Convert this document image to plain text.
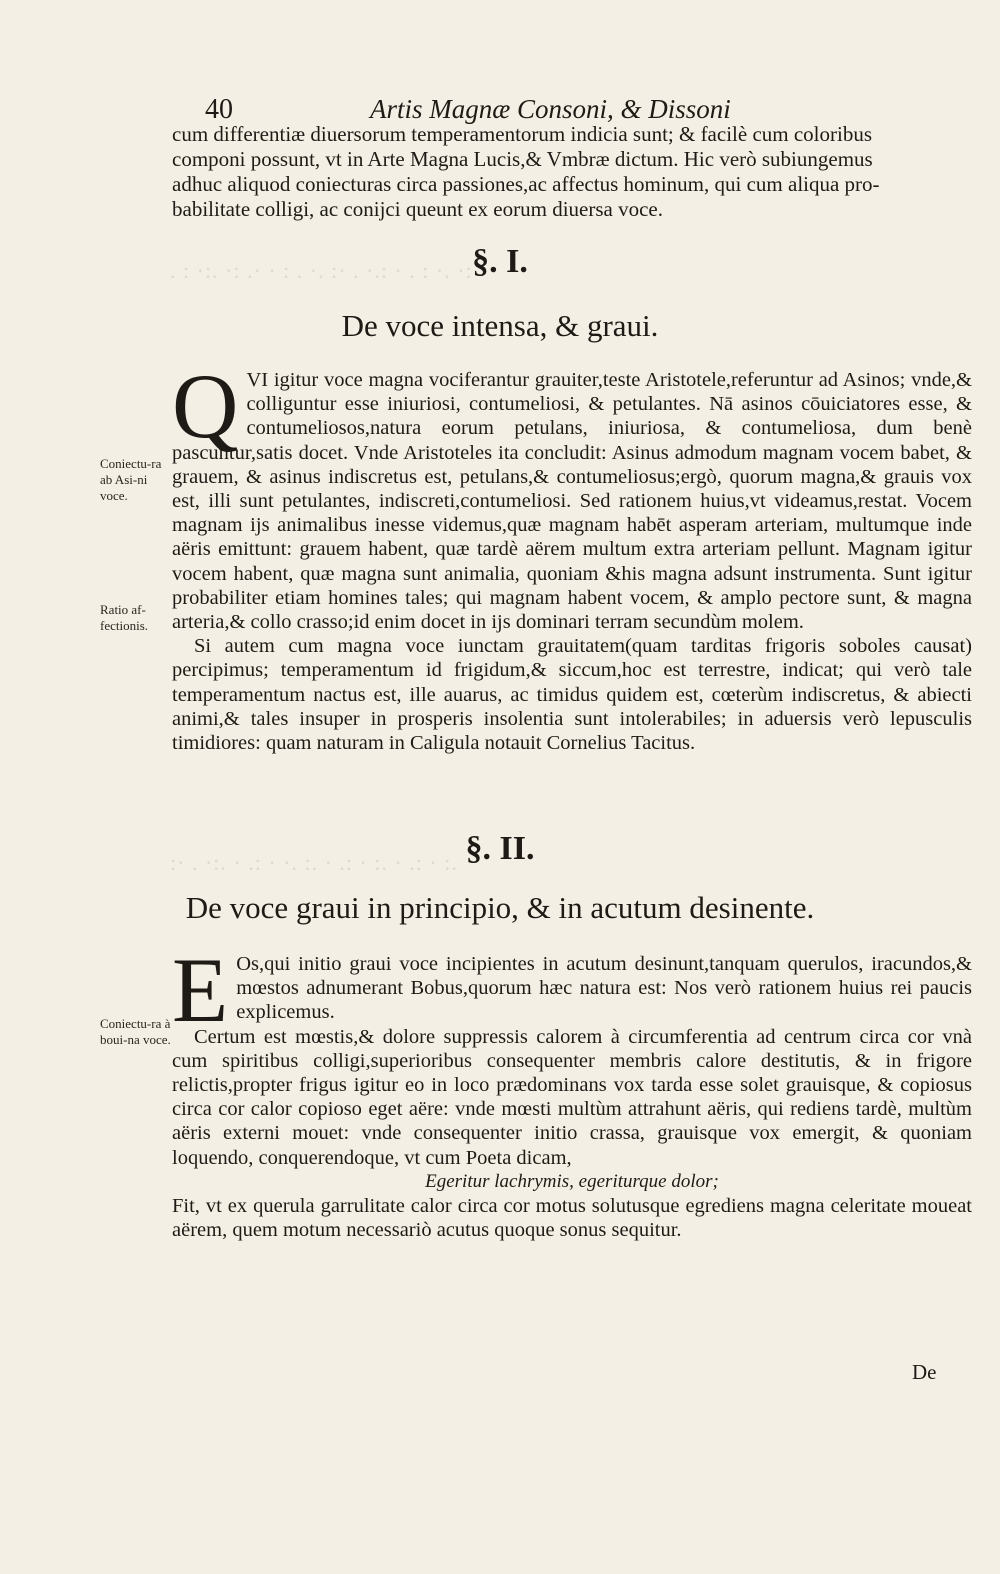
. : ·:. ·: .· · : . ·. :· . ·.: · . : ·. ·:
:· . ·:. · .: · ·. :. · .: · :. · .: · :.
40	Artis Magnæ Consoni, & Dissoni
cum differentiæ diuersorum temperamentorum indicia sunt; & facilè cum coloribus
componi possunt, vt in Arte Magna Lucis,& Vmbræ dictum. Hic verò subiungemus
adhuc aliquod coniecturas circa passiones,ac affectus hominum, qui cum aliqua pro-
babilitate colligi, ac conijci queunt ex eorum diuersa voce.
§. I.
De voce intensa, & graui.
Q VI igitur voce magna vociferantur grauiter,teste Aristotele,referuntur ad Asinos; vnde,& colliguntur esse iniuriosi, contumeliosi, & petulantes. Nā asinos cōuiciatores esse, & contumeliosos,natura eorum petulans, iniuriosa, & contumeliosa, dum benè pascuntur,satis docet. Vnde Aristoteles ita concludit: Asinus admodum magnam vocem babet, & grauem, & asinus indiscretus est, petulans,& contumeliosus;ergò, quorum magna,& grauis vox est, illi sunt petulantes, indiscreti,contumeliosi. Sed rationem huius,vt videamus,restat. Vocem magnam ijs animalibus inesse videmus,quæ magnam habēt asperam arteriam, multumque inde aëris emittunt: grauem habent, quæ tardè aërem multum extra arteriam pellunt. Magnam igitur vocem habent, quæ magna sunt animalia, quoniam &his magna adsunt instrumenta. Sunt igitur probabiliter etiam homines tales; qui magnam habent vocem, & amplo pectore sunt, & magna arteria,& collo crasso;id enim docet in ijs dominari terram secundùm molem.

Si autem cum magna voce iunctam grauitatem(quam tarditas frigoris soboles causat) percipimus; temperamentum id frigidum,& siccum,hoc est terrestre, indicat; qui verò tale temperamentum nactus est, ille auarus, ac timidus quidem est, cœterùm indiscretus, & abiecti animi,& tales insuper in prosperis insolentia sunt intolerabiles; in aduersis verò lepusculis timidiores: quam naturam in Caligula notauit Cornelius Tacitus.

Coniectu-ra ab Asi-ni voce.
Ratio af-fectionis.
§. II.
De voce graui in principio, & in acutum desinente.
E Os,qui initio graui voce incipientes in acutum desinunt,tanquam querulos, iracundos,& mœstos adnumerant Bobus,quorum hæc natura est: Nos verò rationem huius rei paucis explicemus.

Certum est mœstis,& dolore suppressis calorem à circumferentia ad centrum circa cor vnà cum spiritibus colligi,superioribus consequenter membris calore destitutis, & in frigore relictis,propter frigus igitur eo in loco prædominans vox tarda esse solet grauisque, & copiosus circa cor calor copioso eget aëre: vnde mœsti multùm attrahunt aëris, qui rediens tardè, multùm aëris externi mouet: vnde consequenter initio crassa, grauisque vox emergit, & quoniam loquendo, conquerendoque, vt cum Poeta dicam,

Egeritur lachrymis, egeriturque dolor;

Fit, vt ex querula garrulitate calor circa cor motus solutusque egrediens magna celeritate moueat aërem, quem motum necessariò acutus quoque sonus sequitur.

Coniectu-ra à boui-na voce.
De
